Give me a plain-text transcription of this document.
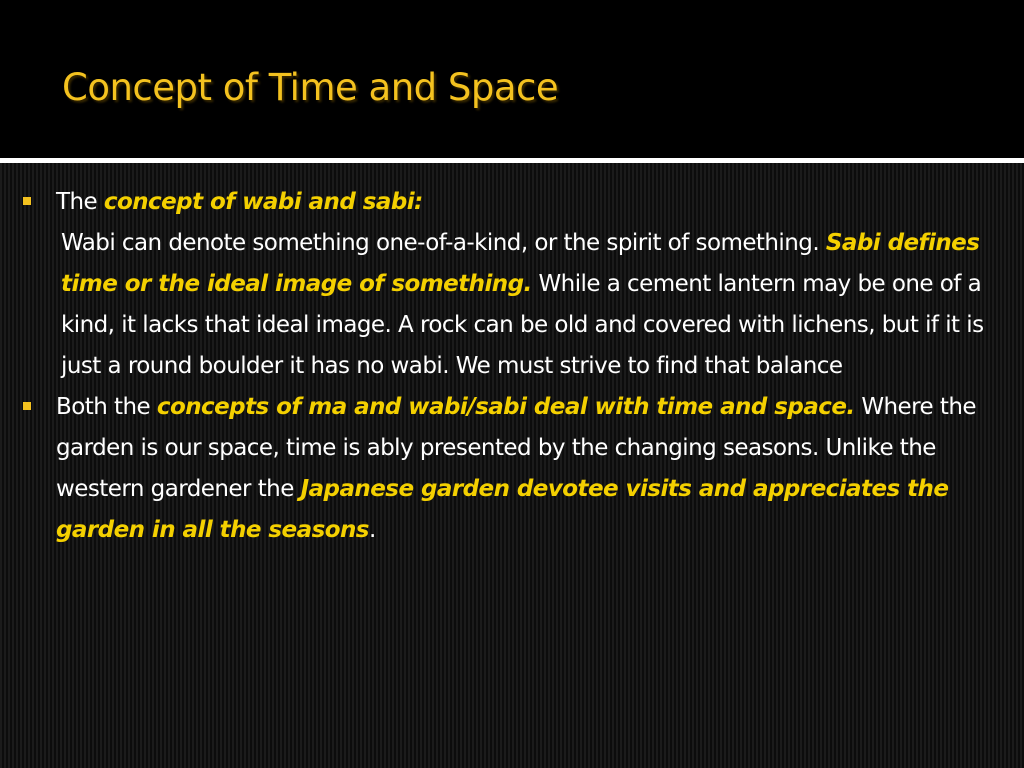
Concept of Time and Space
The concept of wabi and sabi:
Wabi can denote something one-of-a-kind, or the spirit of something. Sabi defines time or the ideal image of something. While a cement lantern may be one of a kind, it lacks that ideal image. A rock can be old and covered with lichens, but if it is just a round boulder it has no wabi. We must strive to find that balance
Both the concepts of ma and wabi/sabi deal with time and space. Where the garden is our space, time is ably presented by the changing seasons. Unlike the western gardener the Japanese garden devotee visits and appreciates the garden in all the seasons.
